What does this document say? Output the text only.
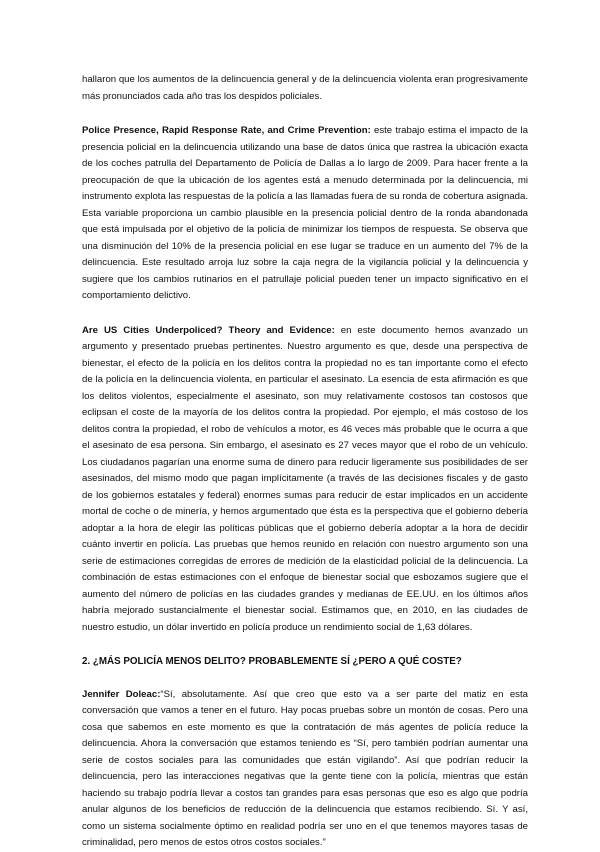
hallaron que los aumentos de la delincuencia general y de la delincuencia violenta eran progresivamente más pronunciados cada año tras los despidos policiales.

Police Presence, Rapid Response Rate, and Crime Prevention: este trabajo estima el impacto de la presencia policial en la delincuencia utilizando una base de datos única que rastrea la ubicación exacta de los coches patrulla del Departamento de Policía de Dallas a lo largo de 2009. Para hacer frente a la preocupación de que la ubicación de los agentes está a menudo determinada por la delincuencia, mi instrumento explota las respuestas de la policía a las llamadas fuera de su ronda de cobertura asignada. Esta variable proporciona un cambio plausible en la presencia policial dentro de la ronda abandonada que está impulsada por el objetivo de la policía de minimizar los tiempos de respuesta. Se observa que una disminución del 10% de la presencia policial en ese lugar se traduce en un aumento del 7% de la delincuencia. Este resultado arroja luz sobre la caja negra de la vigilancia policial y la delincuencia y sugiere que los cambios rutinarios en el patrullaje policial pueden tener un impacto significativo en el comportamiento delictivo.

Are US Cities Underpoliced? Theory and Evidence: en este documento hemos avanzado un argumento y presentado pruebas pertinentes. Nuestro argumento es que, desde una perspectiva de bienestar, el efecto de la policía en los delitos contra la propiedad no es tan importante como el efecto de la policía en la delincuencia violenta, en particular el asesinato. La esencia de esta afirmación es que los delitos violentos, especialmente el asesinato, son muy relativamente costosos tan costosos que eclipsan el coste de la mayoría de los delitos contra la propiedad. Por ejemplo, el más costoso de los delitos contra la propiedad, el robo de vehículos a motor, es 46 veces más probable que le ocurra a que el asesinato de esa persona. Sin embargo, el asesinato es 27 veces mayor que el robo de un vehículo. Los ciudadanos pagarían una enorme suma de dinero para reducir ligeramente sus posibilidades de ser asesinados, del mismo modo que pagan implícitamente (a través de las decisiones fiscales y de gasto de los gobiernos estatales y federal) enormes sumas para reducir de estar implicados en un accidente mortal de coche o de minería, y hemos argumentado que ésta es la perspectiva que el gobierno debería adoptar a la hora de elegir las políticas públicas que el gobierno debería adoptar a la hora de decidir cuánto invertir en policía. Las pruebas que hemos reunido en relación con nuestro argumento son una serie de estimaciones corregidas de errores de medición de la elasticidad policial de la delincuencia. La combinación de estas estimaciones con el enfoque de bienestar social que esbozamos sugiere que el aumento del número de policías en las ciudades grandes y medianas de EE.UU. en los últimos años habría mejorado sustancialmente el bienestar social. Estimamos que, en 2010, en las ciudades de nuestro estudio, un dólar invertido en policía produce un rendimiento social de 1,63 dólares.

2. ¿MÁS POLICÍA MENOS DELITO? PROBABLEMENTE SÍ ¿PERO A QUÉ COSTE?

Jennifer Doleac:“Sí, absolutamente. Así que creo que esto va a ser parte del matiz en esta conversación que vamos a tener en el futuro. Hay pocas pruebas sobre un montón de cosas. Pero una cosa que sabemos en este momento es que la contratación de más agentes de policía reduce la delincuencia. Ahora la conversación que estamos teniendo es “Sí, pero también podrían aumentar una serie de costos sociales para las comunidades que están vigilando”. Así que podrían reducir la delincuencia, pero las interacciones negativas que la gente tiene con la policía, mientras que están haciendo su trabajo podría llevar a costos tan grandes para esas personas que eso es algo que podría anular algunos de los beneficios de reducción de la delincuencia que estamos recibiendo. Sí. Y así, como un sistema socialmente óptimo en realidad podría ser uno en el que tenemos mayores tasas de criminalidad, pero menos de estos otros costos sociales.”
